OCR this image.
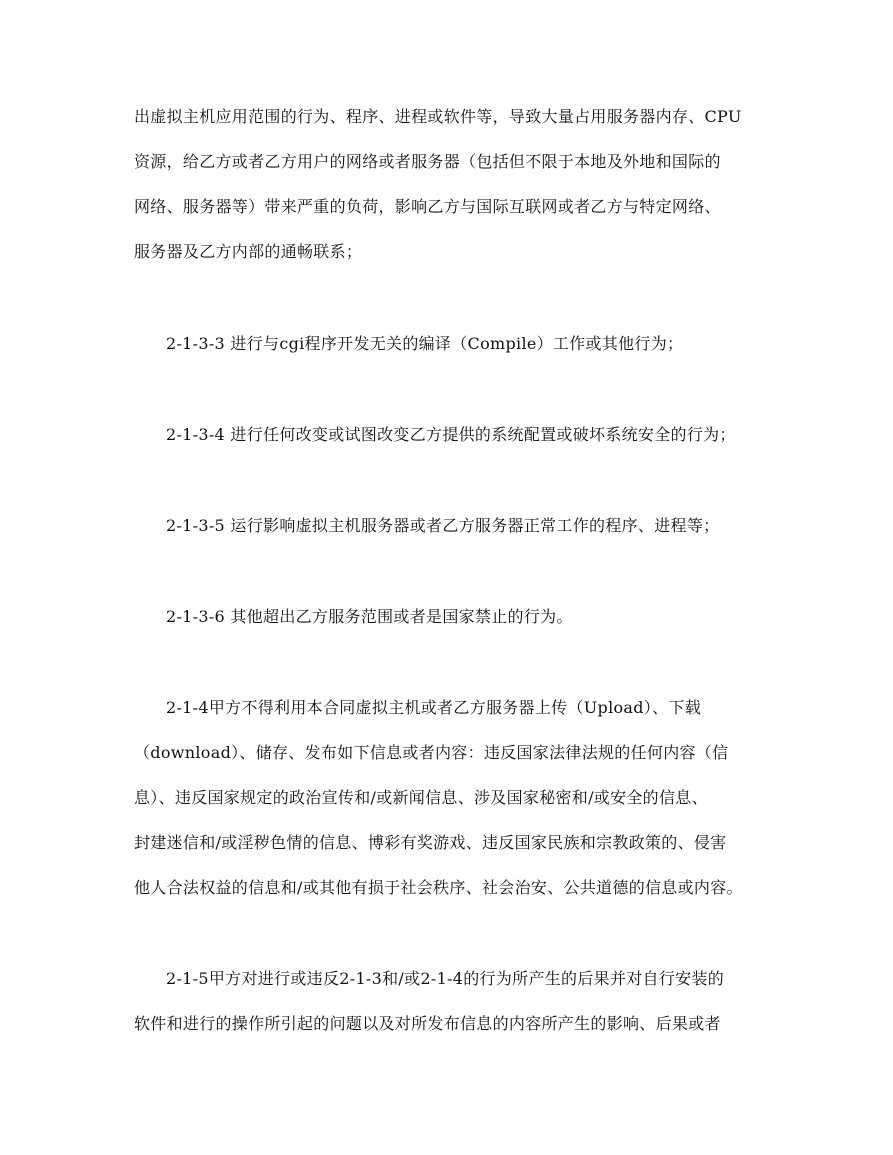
出虚拟主机应用范围的行为、程序、进程或软件等，导致大量占用服务器内存、CPU
资源，给乙方或者乙方用户的网络或者服务器（包括但不限于本地及外地和国际的
网络、服务器等）带来严重的负荷，影响乙方与国际互联网或者乙方与特定网络、
服务器及乙方内部的通畅联系；
2-1-3-3 进行与cgi程序开发无关的编译（Compile）工作或其他行为；
2-1-3-4 进行任何改变或试图改变乙方提供的系统配置或破坏系统安全的行为；
2-1-3-5 运行影响虚拟主机服务器或者乙方服务器正常工作的程序、进程等；
2-1-3-6 其他超出乙方服务范围或者是国家禁止的行为。
2-1-4甲方不得利用本合同虚拟主机或者乙方服务器上传（Upload）、下载
（download）、储存、发布如下信息或者内容：违反国家法律法规的任何内容（信
息）、违反国家规定的政治宣传和/或新闻信息、涉及国家秘密和/或安全的信息、
封建迷信和/或淫秽色情的信息、博彩有奖游戏、违反国家民族和宗教政策的、侵害
他人合法权益的信息和/或其他有损于社会秩序、社会治安、公共道德的信息或内容。
2-1-5甲方对进行或违反2-1-3和/或2-1-4的行为所产生的后果并对自行安装的
软件和进行的操作所引起的问题以及对所发布信息的内容所产生的影响、后果或者
